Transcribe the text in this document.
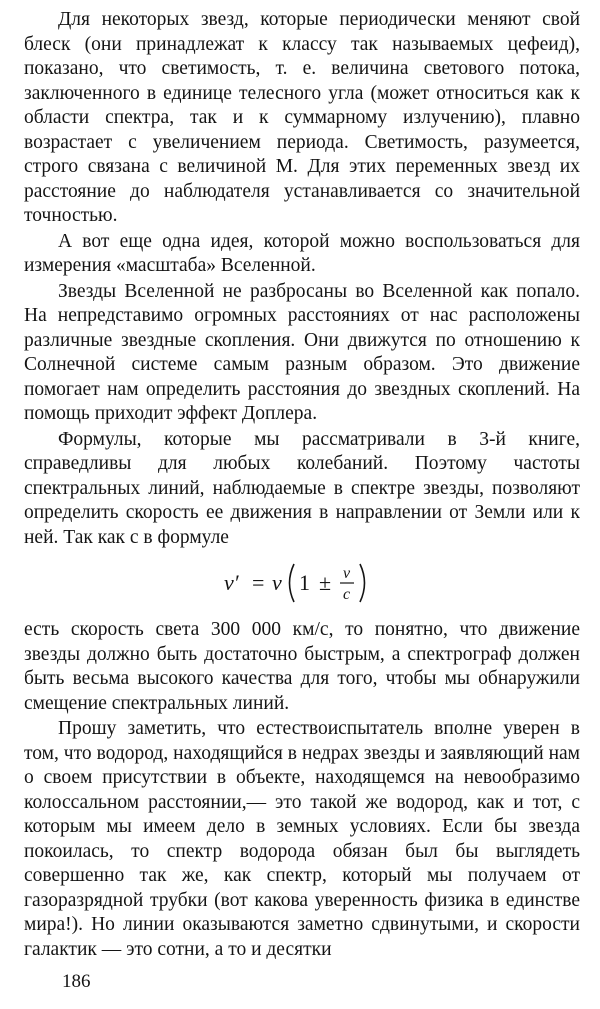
Для некоторых звезд, которые периодически меняют свой блеск (они принадлежат к классу так называемых цефеид), показано, что светимость, т. е. величина светового потока, заключенного в единице телесного угла (может относиться как к области спектра, так и к суммарному излучению), плавно возрастает с увеличением периода. Светимость, разумеется, строго связана с величиной М. Для этих переменных звезд их расстояние до наблюдателя устанавливается со значительной точностью.

А вот еще одна идея, которой можно воспользоваться для измерения «масштаба» Вселенной.

Звезды Вселенной не разбросаны во Вселенной как попало. На непредставимо огромных расстояниях от нас расположены различные звездные скопления. Они движутся по отношению к Солнечной системе самым разным образом. Это движение помогает нам определить расстояния до звездных скоплений. На помощь приходит эффект Доплера.

Формулы, которые мы рассматривали в 3-й книге, справедливы для любых колебаний. Поэтому частоты спектральных линий, наблюдаемые в спектре звезды, позволяют определить скорость ее движения в направлении от Земли или к ней. Так как c в формуле

ν′ = ν 1 ± v
c

есть скорость света 300 000 км/с, то понятно, что движение звезды должно быть достаточно быстрым, а спектрограф должен быть весьма высокого качества для того, чтобы мы обнаружили смещение спектральных линий.

Прошу заметить, что естествоиспытатель вполне уверен в том, что водород, находящийся в недрах звезды и заявляющий нам о своем присутствии в объекте, находящемся на невообразимо колоссальном расстоянии,— это такой же водород, как и тот, с которым мы имеем дело в земных условиях. Если бы звезда покоилась, то спектр водорода обязан был бы выглядеть совершенно так же, как спектр, который мы получаем от газоразрядной трубки (вот какова уверенность физика в единстве мира!). Но линии оказываются заметно сдвинутыми, и скорости галактик — это сотни, а то и десятки

186
